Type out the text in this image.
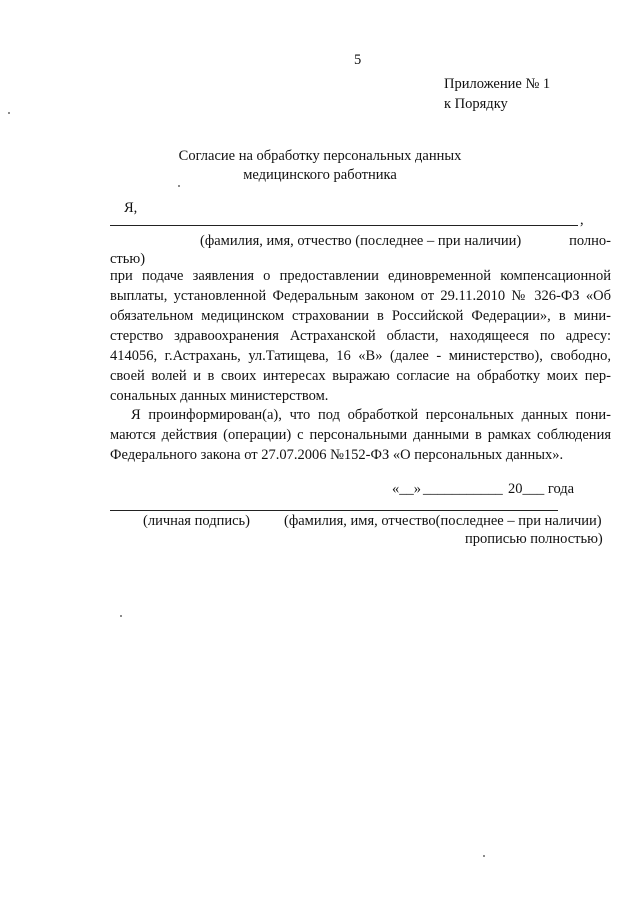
5
Приложение № 1
к Порядку
Согласие на обработку персональных данных
медицинского работника
Я,
,
(фамилия, имя, отчество (последнее – при наличии)	полно-
стью)
при подаче заявления о предоставлении единовременной компенсационной
выплаты, установленной Федеральным законом от 29.11.2010 № 326-ФЗ «Об
обязательном медицинском страховании в Российской Федерации», в мини-
стерство здравоохранения Астраханской области, находящееся по адресу:
414056, г.Астрахань, ул.Татищева, 16 «В» (далее - министерство), свободно,
своей волей и в своих интересах выражаю согласие на обработку моих пер-
сональных данных министерством.
Я проинформирован(а), что под обработкой персональных данных пони-
маются действия (операции) с персональными данными в рамках соблюдения
Федерального закона от 27.07.2006 №152-ФЗ «О персональных данных».
«__» ___________ 20___ года
(личная подпись) (фамилия, имя, отчество(последнее – при наличии)
прописью полностью)
